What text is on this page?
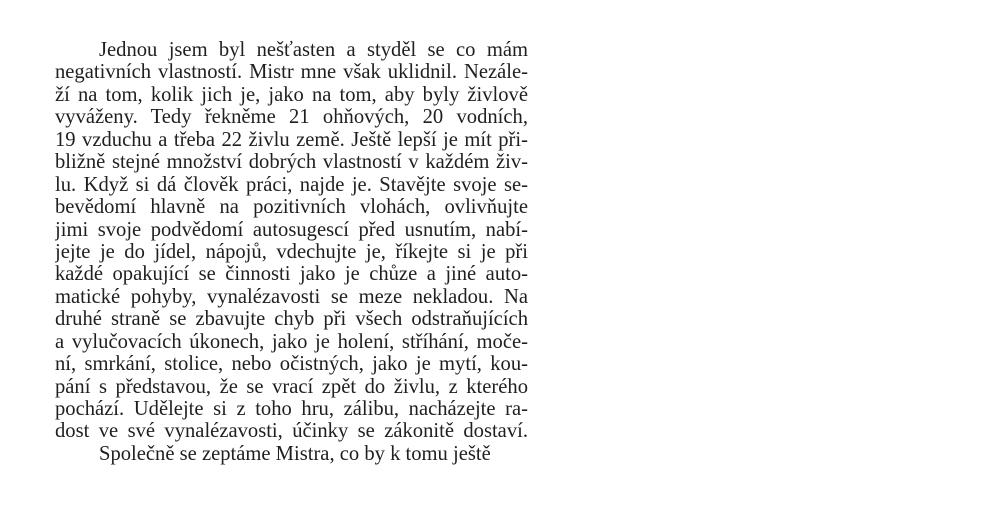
Jednou jsem byl nešťasten a styděl se co mám
negativních vlastností. Mistr mne však uklidnil. Nezále-
ží na tom, kolik jich je, jako na tom, aby byly živlově
vyváženy. Tedy řekněme 21 ohňových, 20 vodních,
19 vzduchu a třeba 22 živlu země. Ještě lepší je mít při-
bližně stejné množství dobrých vlastností v každém živ-
lu. Když si dá člověk práci, najde je. Stavějte svoje se-
bevědomí hlavně na pozitivních vlohách, ovlivňujte
jimi svoje podvědomí autosugescí před usnutím, nabí-
jejte je do jídel, nápojů, vdechujte je, říkejte si je při
každé opakující se činnosti jako je chůze a jiné auto-
matické pohyby, vynalézavosti se meze nekladou. Na
druhé straně se zbavujte chyb při všech odstraňujících
a vylučovacích úkonech, jako je holení, stříhání, moče-
ní, smrkání, stolice, nebo očistných, jako je mytí, kou-
pání s představou, že se vrací zpět do živlu, z kterého
pochází. Udělejte si z toho hru, zálibu, nacházejte ra-
dost ve své vynalézavosti, účinky se zákonitě dostaví.
Společně se zeptáme Mistra, co by k tomu ještě
